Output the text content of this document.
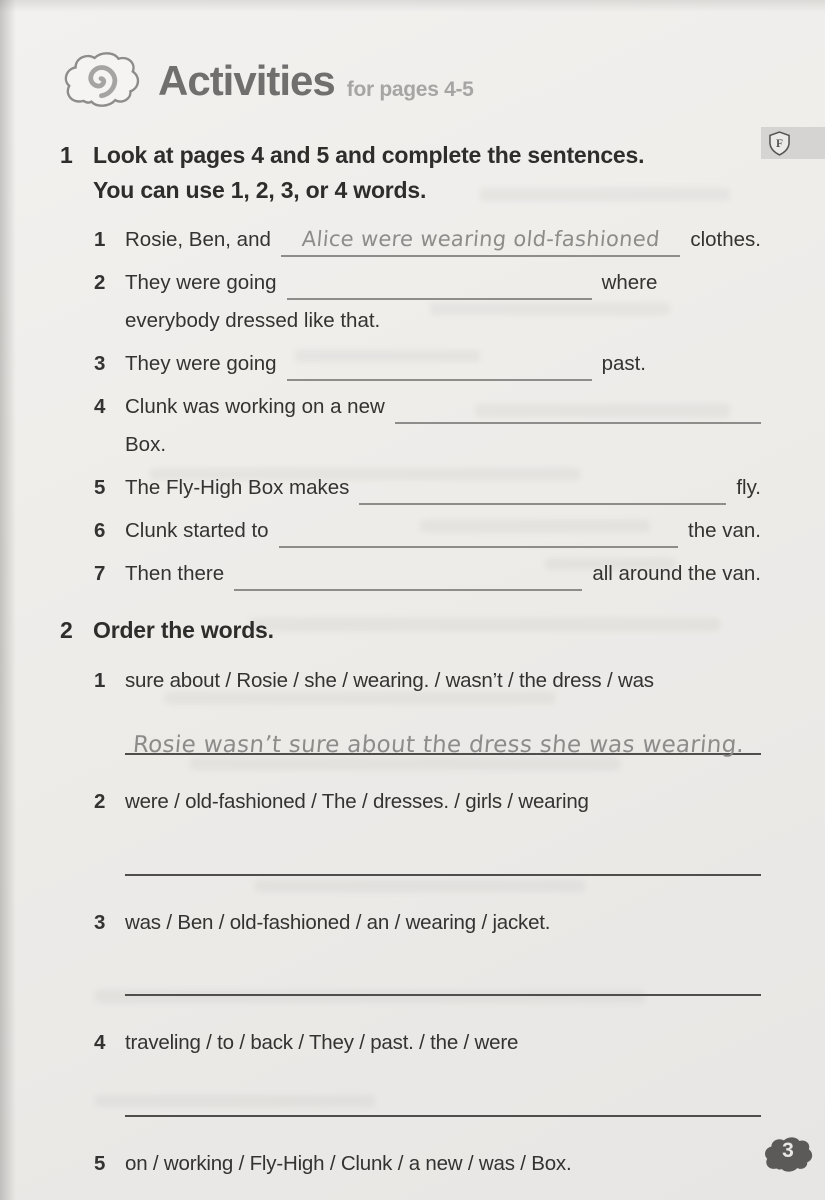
F
Activities for pages 4-5
1 Look at pages 4 and 5 and complete the sentences.
You can use 1, 2, 3, or 4 words.
1 Rosie, Ben, and	Alice were wearing old-fashioned	clothes.
2 They were going	where
everybody dressed like that.
3 They were going	past.
4 Clunk was working on a new
Box.
5 The Fly-High Box makes	fly.
6 Clunk started to	the van.
7 Then there	all around the van.
2 Order the words.
1 sure about / Rosie / she / wearing. / wasn’t / the dress / was
Rosie wasn’t sure about the dress she was wearing.
2 were / old-fashioned / The / dresses. / girls / wearing
3 was / Ben / old-fashioned / an / wearing / jacket.
4 traveling / to / back / They / past. / the / were
5 on / working / Fly-High / Clunk / a new / was / Box.
3
